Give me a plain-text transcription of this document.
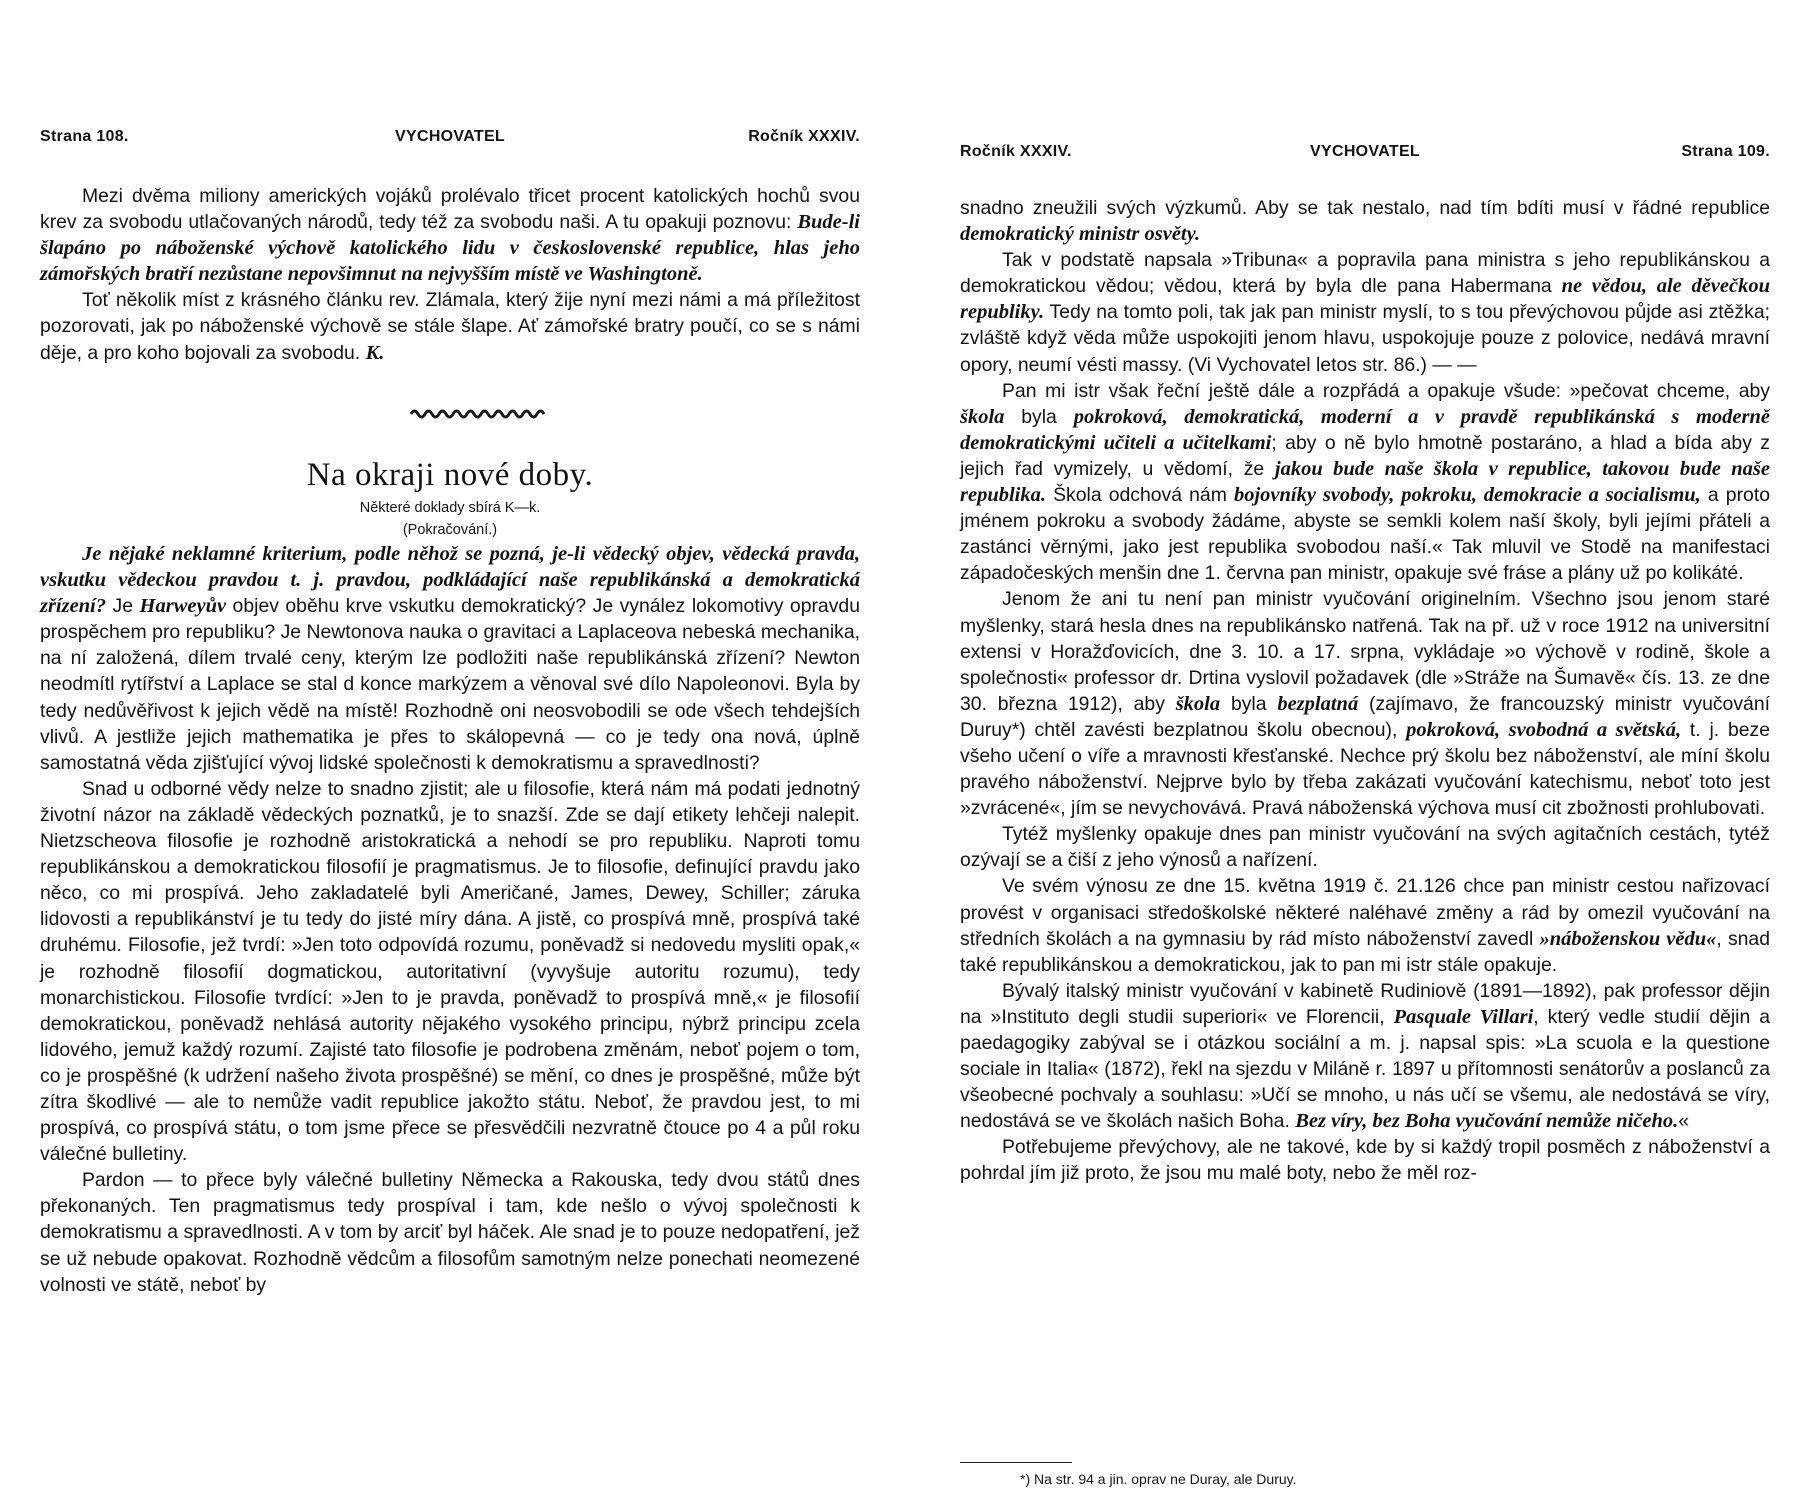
Strana 108.	VYCHOVATEL	Ročník XXXIV.

Mezi dvěma miliony amerických vojáků prolévalo třicet procent katolických hochů svou krev za svobodu utlačovaných národů, tedy též za svobodu naši. A tu opakuji poznovu: Bude-li šlapáno po náboženské výchově katolického lidu v československé republice, hlas jeho zámořských bratří nezůstane nepovšimnut na nejvyšším místě ve Washingtoně.

Toť několik míst z krásného článku rev. Zlámala, který žije nyní mezi námi a má příležitost pozorovati, jak po náboženské výchově se stále šlape. Ať zámořské bratry poučí, co se s námi děje, a pro koho bojovali za svobodu. K.

Na okraji nové doby.
Některé doklady sbírá K—k.
(Pokračování.)

Je nějaké neklamné kriterium, podle něhož se pozná, je-li vědecký objev, vědecká pravda, vskutku vědeckou pravdou t. j. pravdou, podkládající naše republikánská a demokratická zřízení? Je Harweyův objev oběhu krve vskutku demokratický? Je vynález lokomotivy opravdu prospěchem pro republiku? Je Newtonova nauka o gravitaci a Laplaceova nebeská mechanika, na ní založená, dílem trvalé ceny, kterým lze podložiti naše republikánská zřízení? Newton neodmítl rytířství a Laplace se stal d konce markýzem a věnoval své dílo Napoleonovi. Byla by tedy nedůvěřivost k jejich vědě na místě! Rozhodně oni neosvobodili se ode všech tehdejších vlivů. A jestliže jejich mathematika je přes to skálopevná — co je tedy ona nová, úplně samostatná věda zjišťující vývoj lidské společnosti k demokratismu a spravedlnosti?

Snad u odborné vědy nelze to snadno zjistit; ale u filosofie, která nám má podati jednotný životní názor na základě vědeckých poznatků, je to snazší. Zde se dají etikety lehčeji nalepit. Nietzscheova filosofie je rozhodně aristokratická a nehodí se pro republiku. Naproti tomu republikánskou a demokratickou filosofií je pragmatismus. Je to filosofie, definující pravdu jako něco, co mi prospívá. Jeho zakladatelé byli Američané, James, Dewey, Schiller; záruka lidovosti a republikánství je tu tedy do jisté míry dána. A jistě, co prospívá mně, prospívá také druhému. Filosofie, jež tvrdí: »Jen toto odpovídá rozumu, poněvadž si nedovedu mysliti opak,« je rozhodně filosofií dogmatickou, autoritativní (vyvyšuje autoritu rozumu), tedy monarchistickou. Filosofie tvrdící: »Jen to je pravda, poněvadž to prospívá mně,« je filosofií demokratickou, poněvadž nehlásá autority nějakého vysokého principu, nýbrž principu zcela lidového, jemuž každý rozumí. Zajisté tato filosofie je podrobena změnám, neboť pojem o tom, co je prospěšné (k udržení našeho života prospěšné) se mění, co dnes je prospěšné, může být zítra škodlivé — ale to nemůže vadit republice jakožto státu. Neboť, že pravdou jest, to mi prospívá, co prospívá státu, o tom jsme přece se přesvědčili nezvratně čtouce po 4 a půl roku válečné bulletiny.

Pardon — to přece byly válečné bulletiny Německa a Rakouska, tedy dvou států dnes překonaných. Ten pragmatismus tedy prospíval i tam, kde nešlo o vývoj společnosti k demokratismu a spravedlnosti. A v tom by arciť byl háček. Ale snad je to pouze nedopatření, jež se už nebude opakovat. Rozhodně vědcům a filosofům samotným nelze ponechati neomezené volnosti ve státě, neboť by

Ročník XXXIV.	VYCHOVATEL	Strana 109.

snadno zneužili svých výzkumů. Aby se tak nestalo, nad tím bdíti musí v řádné republice demokratický ministr osvěty.

Tak v podstatě napsala »Tribuna« a popravila pana ministra s jeho republikánskou a demokratickou vědou; vědou, která by byla dle pana Habermana ne vědou, ale děvečkou republiky. Tedy na tomto poli, tak jak pan ministr myslí, to s tou převýchovou půjde asi ztěžka; zvláště když věda může uspokojiti jenom hlavu, uspokojuje pouze z polovice, nedává mravní opory, neumí vésti massy. (Vi Vychovatel letos str. 86.) — —

Pan mi istr však řeční ještě dále a rozpřádá a opakuje všude: »pečovat chceme, aby škola byla pokroková, demokratická, moderní a v pravdě republikánská s moderně demokratickými učiteli a učitelkami; aby o ně bylo hmotně postaráno, a hlad a bída aby z jejich řad vymizely, u vědomí, že jakou bude naše škola v republice, takovou bude naše republika. Škola odchová nám bojovníky svobody, pokroku, demokracie a socialismu, a proto jménem pokroku a svobody žádáme, abyste se semkli kolem naší školy, byli jejími přáteli a zastánci věrnými, jako jest republika svobodou naší.« Tak mluvil ve Stodě na manifestaci západočeských menšin dne 1. června pan ministr, opakuje své fráse a plány už po kolikáté.

Jenom že ani tu není pan ministr vyučování originelním. Všechno jsou jenom staré myšlenky, stará hesla dnes na republikánsko natřená. Tak na př. už v roce 1912 na universitní extensi v Horažďovicích, dne 3. 10. a 17. srpna, vykládaje »o výchově v rodině, škole a společnosti« professor dr. Drtina vyslovil požadavek (dle »Stráže na Šumavě« čís. 13. ze dne 30. března 1912), aby škola byla bezplatná (zajímavo, že francouzský ministr vyučování Duruy*) chtěl zavésti bezplatnou školu obecnou), pokroková, svobodná a světská, t. j. beze všeho učení o víře a mravnosti křesťanské. Nechce prý školu bez náboženství, ale míní školu pravého náboženství. Nejprve bylo by třeba zakázati vyučování katechismu, neboť toto jest »zvrácené«, jím se nevychovává. Pravá náboženská výchova musí cit zbožnosti prohlubovati.

Tytéž myšlenky opakuje dnes pan ministr vyučování na svých agitačních cestách, tytéž ozývají se a čiší z jeho výnosů a nařízení.

Ve svém výnosu ze dne 15. května 1919 č. 21.126 chce pan ministr cestou nařizovací provést v organisaci středoškolské některé naléhavé změny a rád by omezil vyučování na středních školách a na gymnasiu by rád místo náboženství zavedl »náboženskou vědu«, snad také republikánskou a demokratickou, jak to pan mi istr stále opakuje.

Bývalý italský ministr vyučování v kabinetě Rudiniově (1891—1892), pak professor dějin na »Instituto degli studii superiori« ve Florencii, Pasquale Villari, který vedle studií dějin a paedagogiky zabýval se i otázkou sociální a m. j. napsal spis: »La scuola e la questione sociale in Italia« (1872), řekl na sjezdu v Miláně r. 1897 u přítomnosti senátorův a poslanců za všeobecné pochvaly a souhlasu: »Učí se mnoho, u nás učí se všemu, ale nedostává se víry, nedostává se ve školách našich Boha. Bez víry, bez Boha vyučování nemůže ničeho.«

Potřebujeme převýchovy, ale ne takové, kde by si každý tropil posměch z náboženství a pohrdal jím již proto, že jsou mu malé boty, nebo že měl roz-

*) Na str. 94 a jin. oprav ne Duray, ale Duruy.
